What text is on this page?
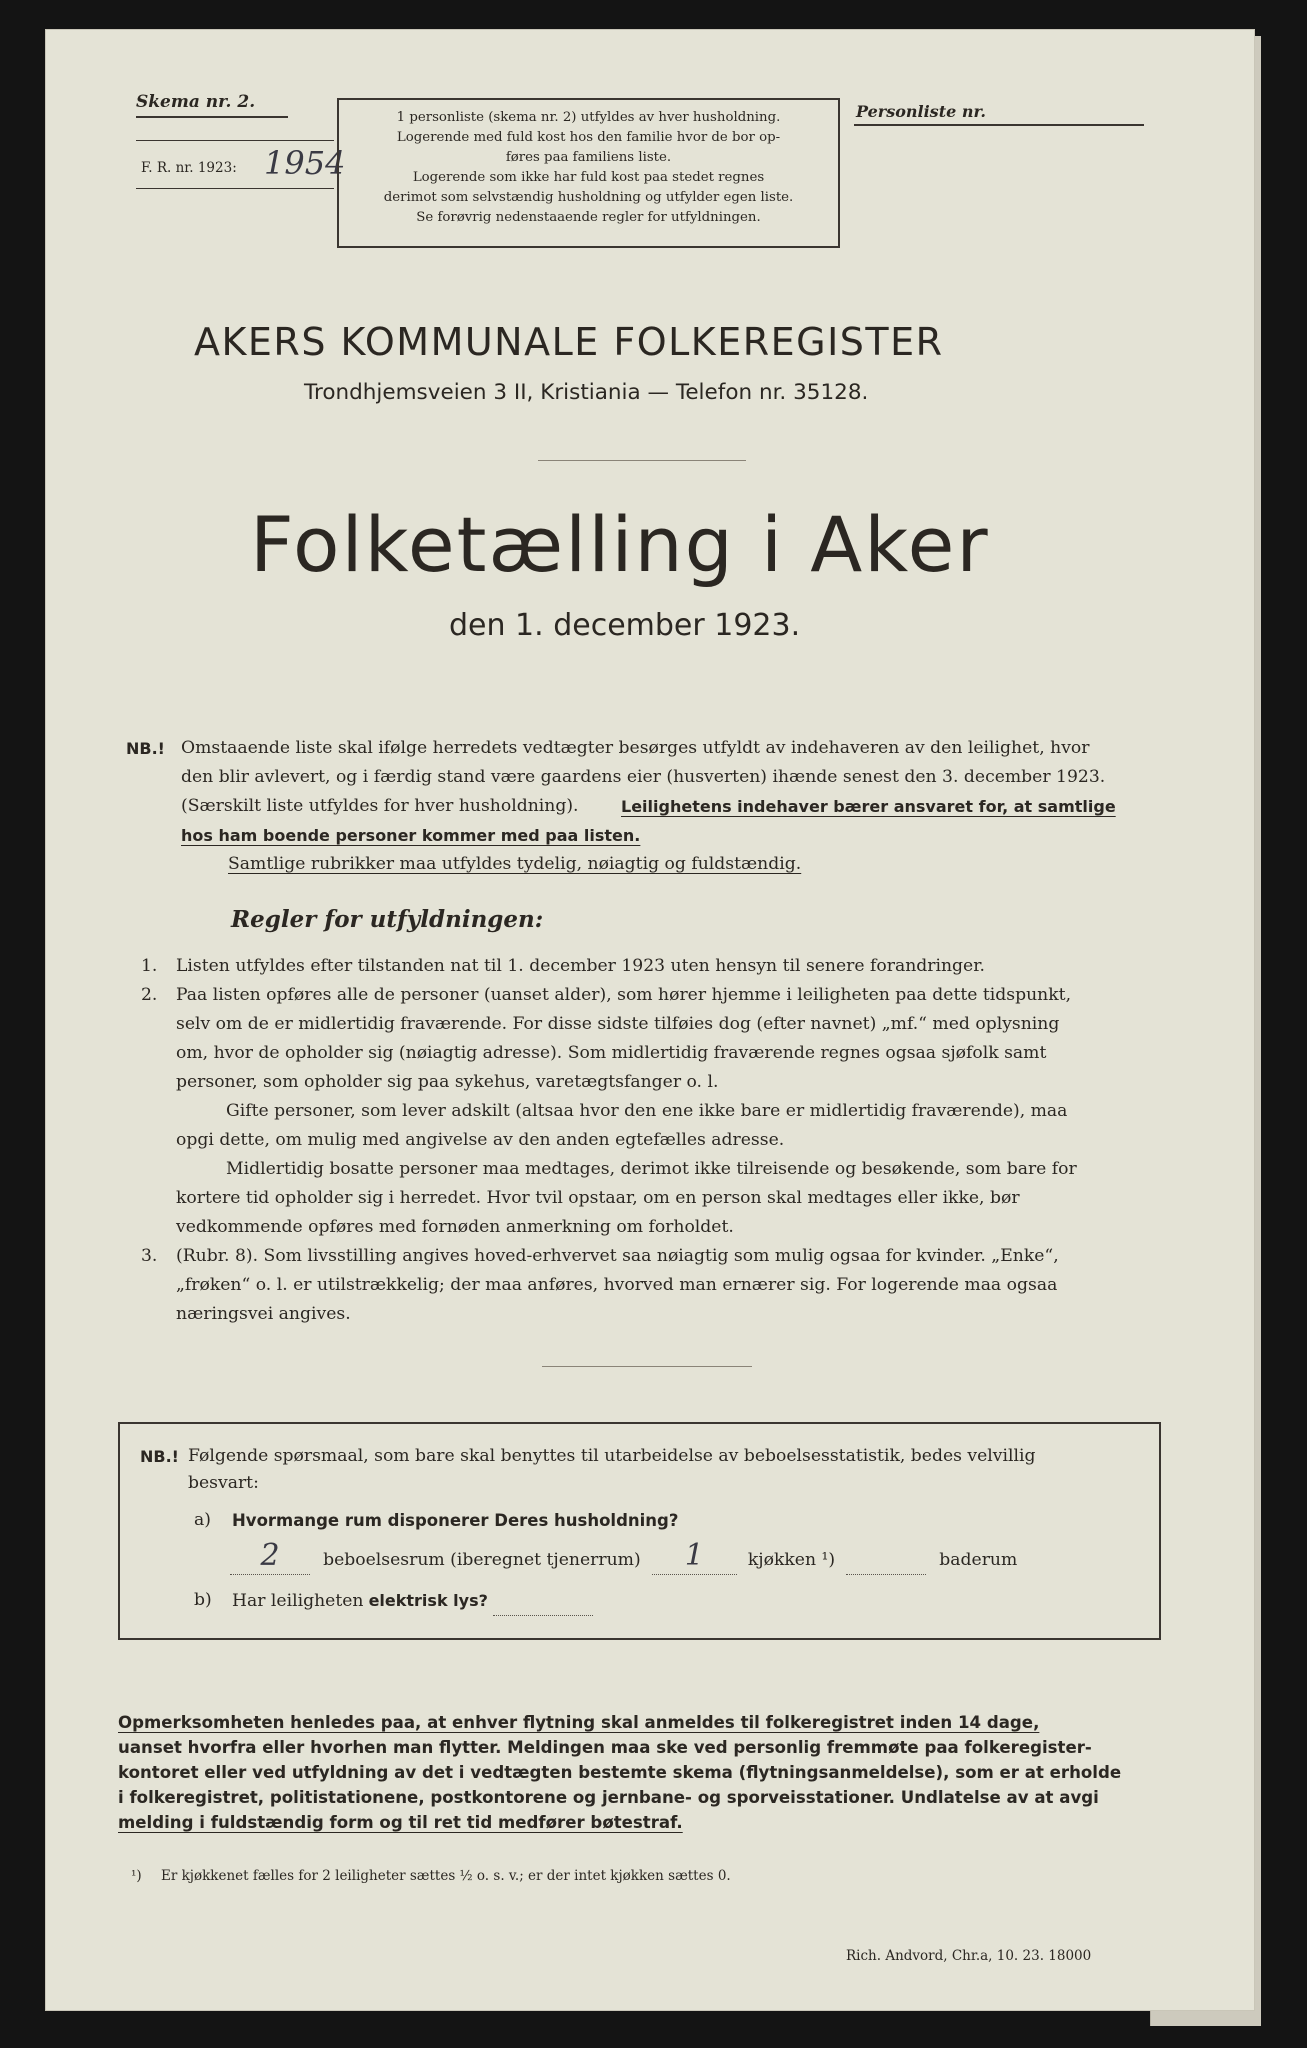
Skema nr. 2.
F. R. nr. 1923: 1954
1 personliste (skema nr. 2) utfyldes av hver husholdning.
Logerende med fuld kost hos den familie hvor de bor op-
føres paa familiens liste.
Logerende som ikke har fuld kost paa stedet regnes
derimot som selvstændig husholdning og utfylder egen liste.
Se forøvrig nedenstaaende regler for utfyldningen.
Personliste nr.
AKERS KOMMUNALE FOLKEREGISTER
Trondhjemsveien 3 II, Kristiania — Telefon nr. 35128.
Folketælling i Aker
den 1. december 1923.
NB.! Omstaaende liste skal ifølge herredets vedtægter besørges utfyldt av indehaveren av den leilighet, hvor
den blir avlevert, og i færdig stand være gaardens eier (husverten) ihænde senest den 3. december 1923.
(Særskilt liste utfyldes for hver husholdning).	Leilighetens indehaver bærer ansvaret for, at samtlige
hos ham boende personer kommer med paa listen.
Samtlige rubrikker maa utfyldes tydelig, nøiagtig og fuldstændig.
Regler for utfyldningen:
1. Listen utfyldes efter tilstanden nat til 1. december 1923 uten hensyn til senere forandringer.
2. Paa listen opføres alle de personer (uanset alder), som hører hjemme i leiligheten paa dette tidspunkt,
selv om de er midlertidig fraværende. For disse sidste tilføies dog (efter navnet) „mf.“ med oplysning
om, hvor de opholder sig (nøiagtig adresse). Som midlertidig fraværende regnes ogsaa sjøfolk samt
personer, som opholder sig paa sykehus, varetægtsfanger o. l.
Gifte personer, som lever adskilt (altsaa hvor den ene ikke bare er midlertidig fraværende), maa
opgi dette, om mulig med angivelse av den anden egtefælles adresse.
Midlertidig bosatte personer maa medtages, derimot ikke tilreisende og besøkende, som bare for
kortere tid opholder sig i herredet. Hvor tvil opstaar, om en person skal medtages eller ikke, bør
vedkommende opføres med fornøden anmerkning om forholdet.
3. (Rubr. 8). Som livsstilling angives hoved-erhvervet saa nøiagtig som mulig ogsaa for kvinder. „Enke“,
„frøken“ o. l. er utilstrækkelig; der maa anføres, hvorved man ernærer sig. For logerende maa ogsaa
næringsvei angives.
NB.! Følgende spørsmaal, som bare skal benyttes til utarbeidelse av beboelsesstatistik, bedes velvillig
besvart:
a) Hvormange rum disponerer Deres husholdning?
2	beboelsesrum (iberegnet tjenerrum) 1	kjøkken ¹)	baderum
b) Har leiligheten elektrisk lys?
Opmerksomheten henledes paa, at enhver flytning skal anmeldes til folkeregistret inden 14 dage,
uanset hvorfra eller hvorhen man flytter. Meldingen maa ske ved personlig fremmøte paa folkeregister-
kontoret eller ved utfyldning av det i vedtægten bestemte skema (flytningsanmeldelse), som er at erholde
i folkeregistret, politistationene, postkontorene og jernbane- og sporveisstationer. Undlatelse av at avgi
melding i fuldstændig form og til ret tid medfører bøtestraf.
¹) Er kjøkkenet fælles for 2 leiligheter sættes ½ o. s. v.; er der intet kjøkken sættes 0.
Rich. Andvord, Chr.a, 10. 23. 18000
